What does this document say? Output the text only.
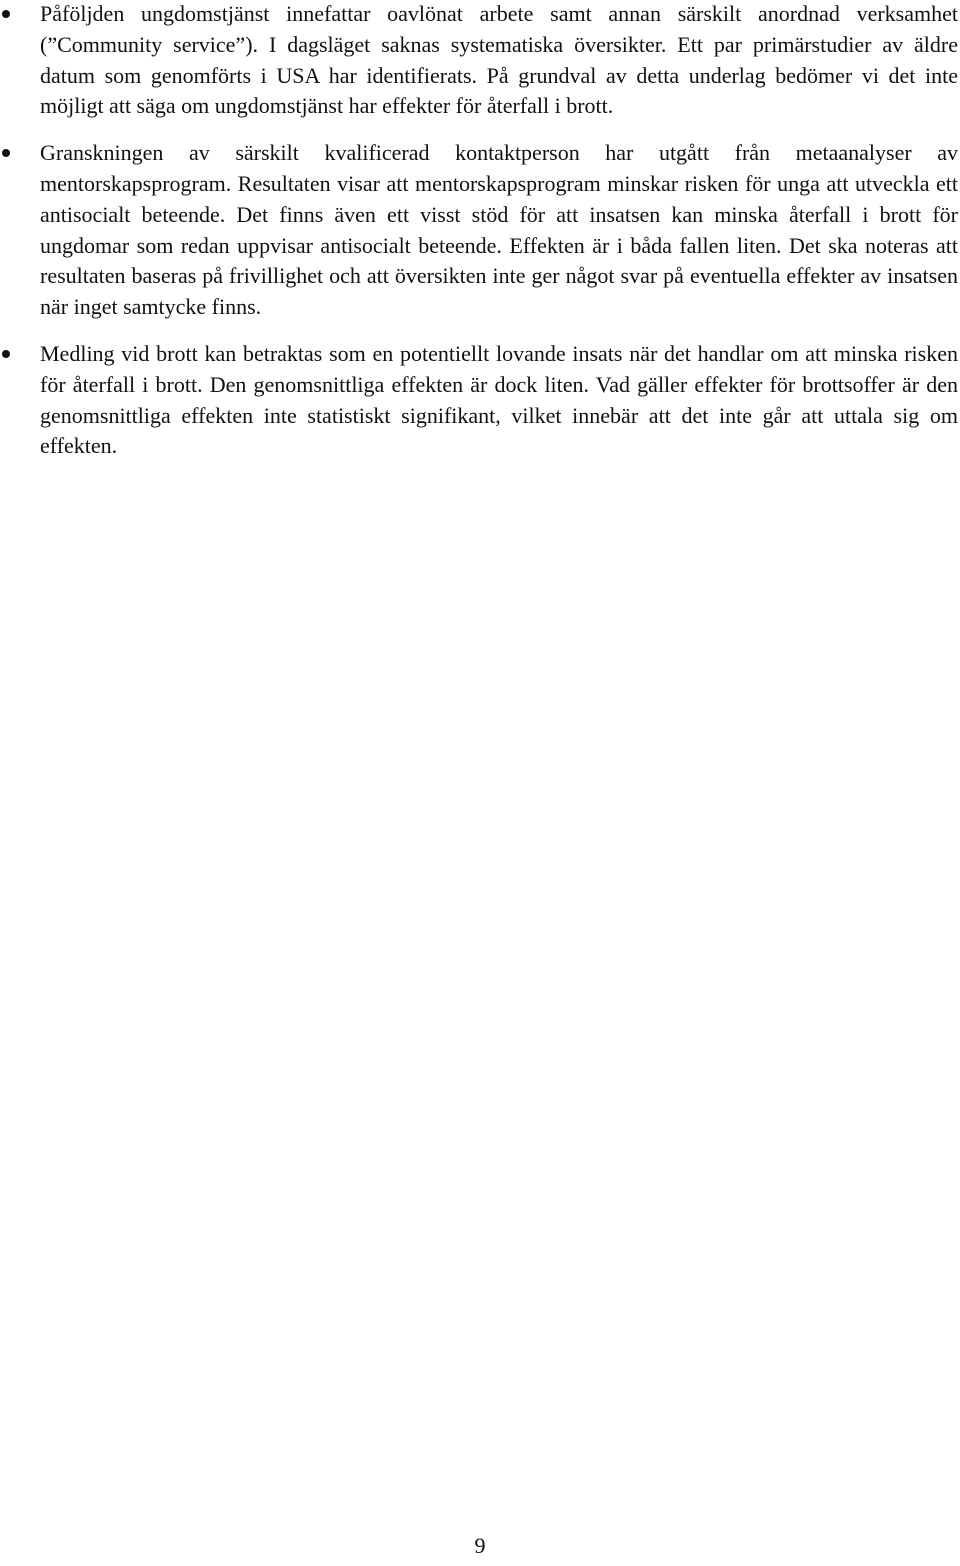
Påföljden ungdomstjänst innefattar oavlönat arbete samt annan särskilt anordnad verksamhet (”Community service”). I dagsläget saknas systematiska översikter. Ett par primärstudier av äldre datum som genomförts i USA har identifierats. På grundval av detta underlag bedömer vi det inte möjligt att säga om ungdomstjänst har effekter för återfall i brott.
Granskningen av särskilt kvalificerad kontaktperson har utgått från metaanalyser av mentorskapsprogram. Resultaten visar att mentorskapsprogram minskar risken för unga att utveckla ett antisocialt beteende. Det finns även ett visst stöd för att insatsen kan minska återfall i brott för ungdomar som redan uppvisar antisocialt beteende. Effekten är i båda fallen liten. Det ska noteras att resultaten baseras på frivillighet och att översikten inte ger något svar på eventuella effekter av insatsen när inget samtycke finns.
Medling vid brott kan betraktas som en potentiellt lovande insats när det handlar om att minska risken för återfall i brott. Den genomsnittliga effekten är dock liten. Vad gäller effekter för brottsoffer är den genomsnittliga effekten inte statistiskt signifikant, vilket innebär att det inte går att uttala sig om effekten.
9
